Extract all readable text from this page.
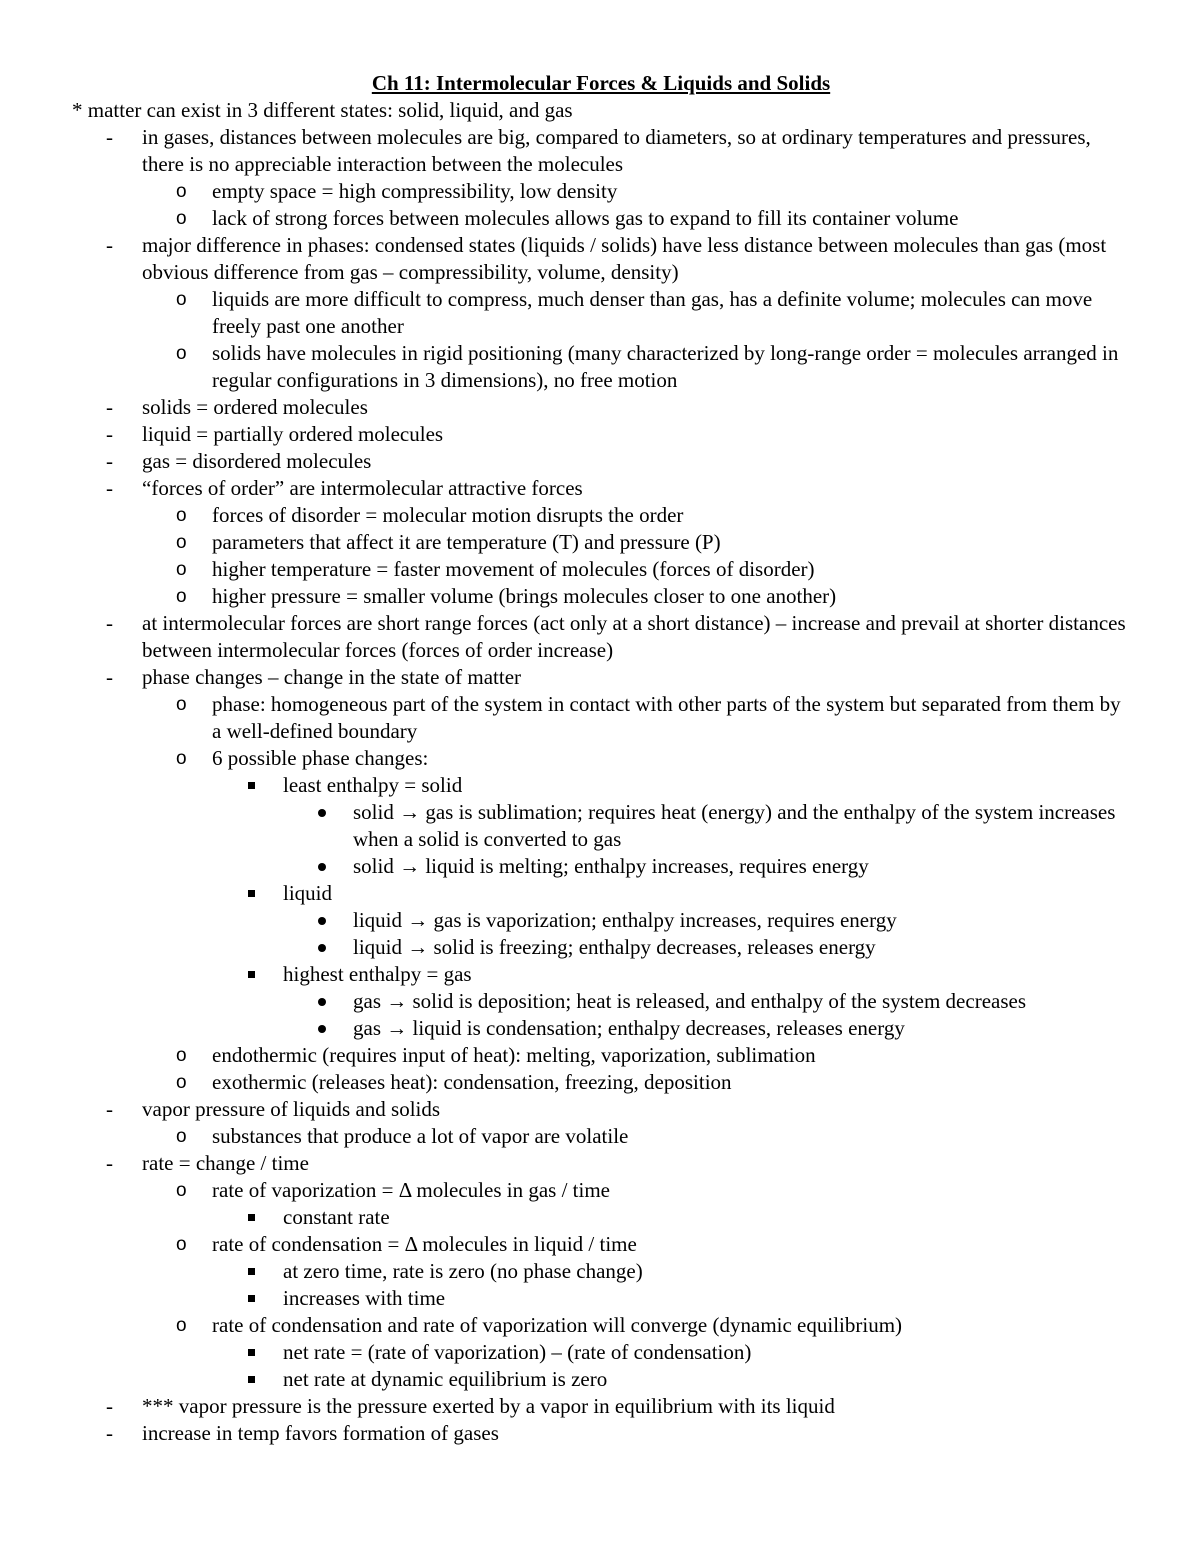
Ch 11: Intermolecular Forces & Liquids and Solids
* matter can exist in 3 different states: solid, liquid, and gas
- in gases, distances between molecules are big, compared to diameters, so at ordinary temperatures and pressures, there is no appreciable interaction between the molecules
o empty space = high compressibility, low density
o lack of strong forces between molecules allows gas to expand to fill its container volume
- major difference in phases: condensed states (liquids / solids) have less distance between molecules than gas (most obvious difference from gas – compressibility, volume, density)
o liquids are more difficult to compress, much denser than gas, has a definite volume; molecules can move freely past one another
o solids have molecules in rigid positioning (many characterized by long-range order = molecules arranged in regular configurations in 3 dimensions), no free motion
- solids = ordered molecules
- liquid = partially ordered molecules
- gas = disordered molecules
- “forces of order” are intermolecular attractive forces
o forces of disorder = molecular motion disrupts the order
o parameters that affect it are temperature (T) and pressure (P)
o higher temperature = faster movement of molecules (forces of disorder)
o higher pressure = smaller volume (brings molecules closer to one another)
- at intermolecular forces are short range forces (act only at a short distance) – increase and prevail at shorter distances between intermolecular forces (forces of order increase)
- phase changes – change in the state of matter
o phase: homogeneous part of the system in contact with other parts of the system but separated from them by a well-defined boundary
o 6 possible phase changes:
least enthalpy = solid
solid → gas is sublimation; requires heat (energy) and the enthalpy of the system increases when a solid is converted to gas
solid → liquid is melting; enthalpy increases, requires energy
liquid
liquid → gas is vaporization; enthalpy increases, requires energy
liquid → solid is freezing; enthalpy decreases, releases energy
highest enthalpy = gas
gas → solid is deposition; heat is released, and enthalpy of the system decreases
gas → liquid is condensation; enthalpy decreases, releases energy
o endothermic (requires input of heat): melting, vaporization, sublimation
o exothermic (releases heat): condensation, freezing, deposition
- vapor pressure of liquids and solids
o substances that produce a lot of vapor are volatile
- rate = change / time
o rate of vaporization = Δ molecules in gas / time
constant rate
o rate of condensation = Δ molecules in liquid / time
at zero time, rate is zero (no phase change)
increases with time
o rate of condensation and rate of vaporization will converge (dynamic equilibrium)
net rate = (rate of vaporization) – (rate of condensation)
net rate at dynamic equilibrium is zero
- *** vapor pressure is the pressure exerted by a vapor in equilibrium with its liquid
- increase in temp favors formation of gases
